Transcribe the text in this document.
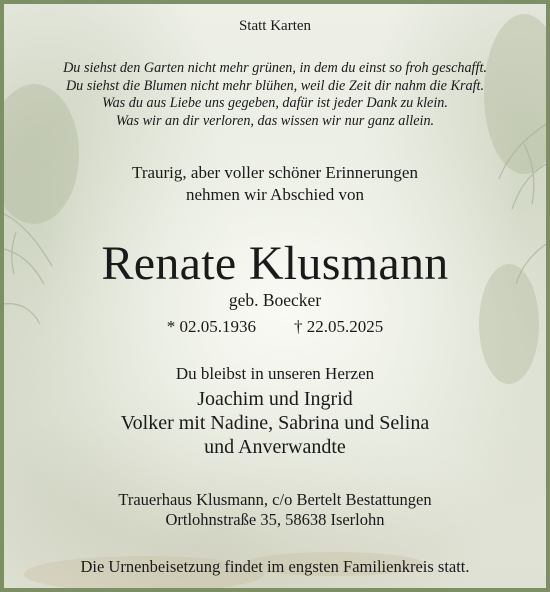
Statt Karten
Du siehst den Garten nicht mehr grünen, in dem du einst so froh geschafft.
Du siehst die Blumen nicht mehr blühen, weil die Zeit dir nahm die Kraft.
Was du aus Liebe uns gegeben, dafür ist jeder Dank zu klein.
Was wir an dir verloren, das wissen wir nur ganz allein.
Traurig, aber voller schöner Erinnerungen
nehmen wir Abschied von
Renate Klusmann
geb. Boecker
* 02.05.1936 † 22.05.2025
Du bleibst in unseren Herzen
Joachim und Ingrid
Volker mit Nadine, Sabrina und Selina
und Anverwandte
Trauerhaus Klusmann, c/o Bertelt Bestattungen
Ortlohnstraße 35, 58638 Iserlohn
Die Urnenbeisetzung findet im engsten Familienkreis statt.
